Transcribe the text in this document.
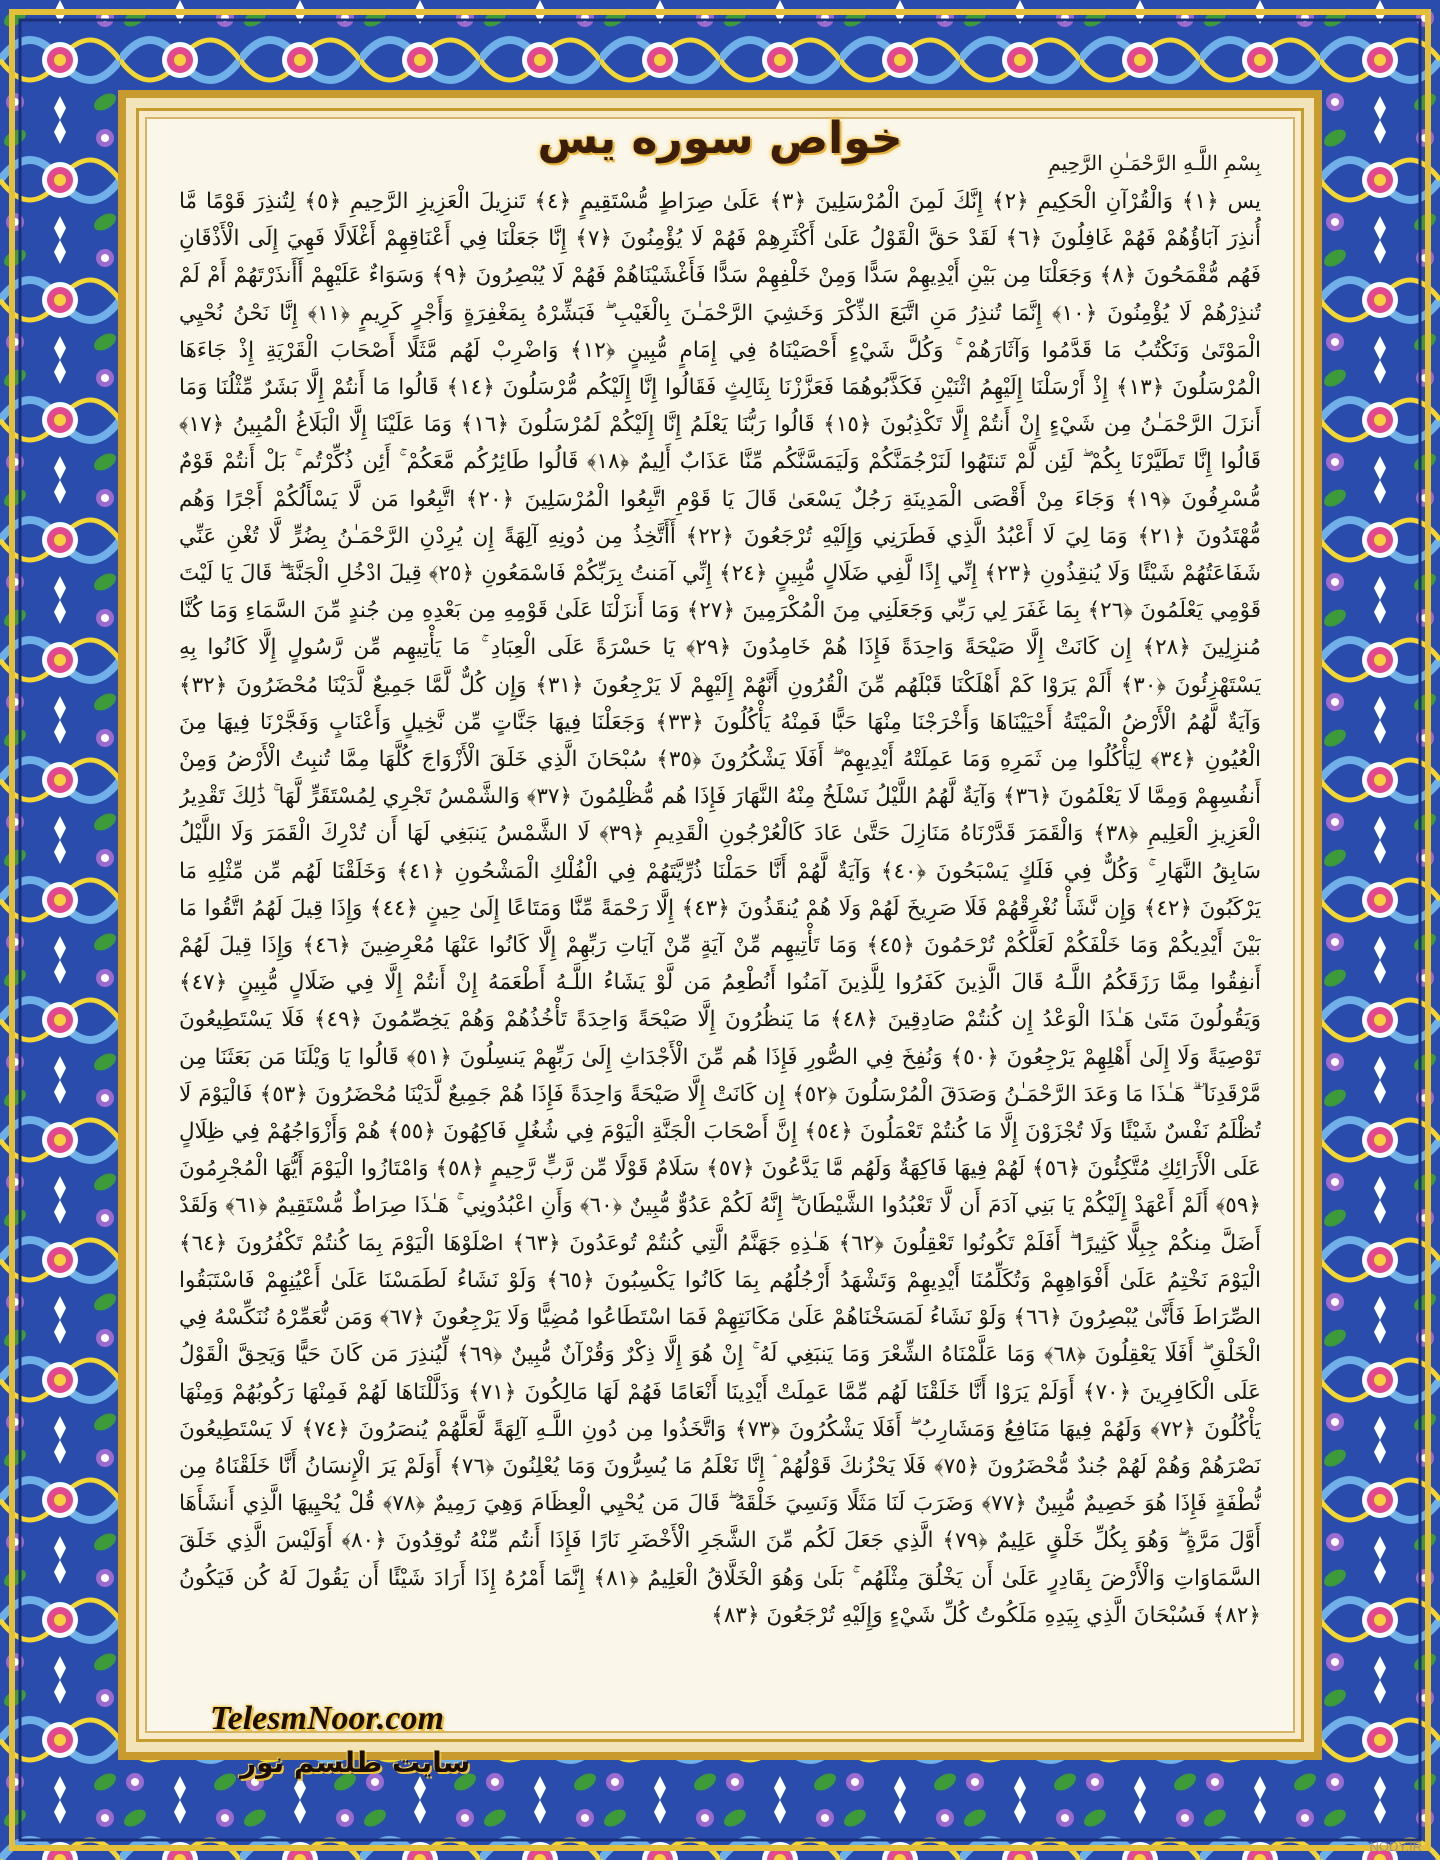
خواص سوره یس	بِسْمِ اللَّـهِ الرَّحْمَـٰنِ الرَّحِيمِ
يس ﴿١﴾ وَالْقُرْآنِ الْحَكِيمِ ﴿٢﴾ إِنَّكَ لَمِنَ الْمُرْسَلِينَ ﴿٣﴾ عَلَىٰ صِرَاطٍ مُّسْتَقِيمٍ ﴿٤﴾ تَنزِيلَ الْعَزِيزِ الرَّحِيمِ ﴿٥﴾ لِتُنذِرَ قَوْمًا مَّا أُنذِرَ آبَاؤُهُمْ فَهُمْ غَافِلُونَ ﴿٦﴾ لَقَدْ حَقَّ الْقَوْلُ عَلَىٰ أَكْثَرِهِمْ فَهُمْ لَا يُؤْمِنُونَ ﴿٧﴾ إِنَّا جَعَلْنَا فِي أَعْنَاقِهِمْ أَغْلَالًا فَهِيَ إِلَى الْأَذْقَانِ فَهُم مُّقْمَحُونَ ﴿٨﴾ وَجَعَلْنَا مِن بَيْنِ أَيْدِيهِمْ سَدًّا وَمِنْ خَلْفِهِمْ سَدًّا فَأَغْشَيْنَاهُمْ فَهُمْ لَا يُبْصِرُونَ ﴿٩﴾ وَسَوَاءٌ عَلَيْهِمْ أَأَنذَرْتَهُمْ أَمْ لَمْ تُنذِرْهُمْ لَا يُؤْمِنُونَ ﴿١٠﴾ إِنَّمَا تُنذِرُ مَنِ اتَّبَعَ الذِّكْرَ وَخَشِيَ الرَّحْمَـٰنَ بِالْغَيْبِ ۖ فَبَشِّرْهُ بِمَغْفِرَةٍ وَأَجْرٍ كَرِيمٍ ﴿١١﴾ إِنَّا نَحْنُ نُحْيِي الْمَوْتَىٰ وَنَكْتُبُ مَا قَدَّمُوا وَآثَارَهُمْ ۚ وَكُلَّ شَيْءٍ أَحْصَيْنَاهُ فِي إِمَامٍ مُّبِينٍ ﴿١٢﴾ وَاضْرِبْ لَهُم مَّثَلًا أَصْحَابَ الْقَرْيَةِ إِذْ جَاءَهَا الْمُرْسَلُونَ ﴿١٣﴾ إِذْ أَرْسَلْنَا إِلَيْهِمُ اثْنَيْنِ فَكَذَّبُوهُمَا فَعَزَّزْنَا بِثَالِثٍ فَقَالُوا إِنَّا إِلَيْكُم مُّرْسَلُونَ ﴿١٤﴾ قَالُوا مَا أَنتُمْ إِلَّا بَشَرٌ مِّثْلُنَا وَمَا أَنزَلَ الرَّحْمَـٰنُ مِن شَيْءٍ إِنْ أَنتُمْ إِلَّا تَكْذِبُونَ ﴿١٥﴾ قَالُوا رَبُّنَا يَعْلَمُ إِنَّا إِلَيْكُمْ لَمُرْسَلُونَ ﴿١٦﴾ وَمَا عَلَيْنَا إِلَّا الْبَلَاغُ الْمُبِينُ ﴿١٧﴾ قَالُوا إِنَّا تَطَيَّرْنَا بِكُمْ ۖ لَئِن لَّمْ تَنتَهُوا لَنَرْجُمَنَّكُمْ وَلَيَمَسَّنَّكُم مِّنَّا عَذَابٌ أَلِيمٌ ﴿١٨﴾ قَالُوا طَائِرُكُم مَّعَكُمْ ۚ أَئِن ذُكِّرْتُم ۚ بَلْ أَنتُمْ قَوْمٌ مُّسْرِفُونَ ﴿١٩﴾ وَجَاءَ مِنْ أَقْصَى الْمَدِينَةِ رَجُلٌ يَسْعَىٰ قَالَ يَا قَوْمِ اتَّبِعُوا الْمُرْسَلِينَ ﴿٢٠﴾ اتَّبِعُوا مَن لَّا يَسْأَلُكُمْ أَجْرًا وَهُم مُّهْتَدُونَ ﴿٢١﴾ وَمَا لِيَ لَا أَعْبُدُ الَّذِي فَطَرَنِي وَإِلَيْهِ تُرْجَعُونَ ﴿٢٢﴾ أَأَتَّخِذُ مِن دُونِهِ آلِهَةً إِن يُرِدْنِ الرَّحْمَـٰنُ بِضُرٍّ لَّا تُغْنِ عَنِّي شَفَاعَتُهُمْ شَيْئًا وَلَا يُنقِذُونِ ﴿٢٣﴾ إِنِّي إِذًا لَّفِي ضَلَالٍ مُّبِينٍ ﴿٢٤﴾ إِنِّي آمَنتُ بِرَبِّكُمْ فَاسْمَعُونِ ﴿٢٥﴾ قِيلَ ادْخُلِ الْجَنَّةَ ۖ قَالَ يَا لَيْتَ قَوْمِي يَعْلَمُونَ ﴿٢٦﴾ بِمَا غَفَرَ لِي رَبِّي وَجَعَلَنِي مِنَ الْمُكْرَمِينَ ﴿٢٧﴾ وَمَا أَنزَلْنَا عَلَىٰ قَوْمِهِ مِن بَعْدِهِ مِن جُندٍ مِّنَ السَّمَاءِ وَمَا كُنَّا مُنزِلِينَ ﴿٢٨﴾ إِن كَانَتْ إِلَّا صَيْحَةً وَاحِدَةً فَإِذَا هُمْ خَامِدُونَ ﴿٢٩﴾ يَا حَسْرَةً عَلَى الْعِبَادِ ۚ مَا يَأْتِيهِم مِّن رَّسُولٍ إِلَّا كَانُوا بِهِ يَسْتَهْزِئُونَ ﴿٣٠﴾ أَلَمْ يَرَوْا كَمْ أَهْلَكْنَا قَبْلَهُم مِّنَ الْقُرُونِ أَنَّهُمْ إِلَيْهِمْ لَا يَرْجِعُونَ ﴿٣١﴾ وَإِن كُلٌّ لَّمَّا جَمِيعٌ لَّدَيْنَا مُحْضَرُونَ ﴿٣٢﴾ وَآيَةٌ لَّهُمُ الْأَرْضُ الْمَيْتَةُ أَحْيَيْنَاهَا وَأَخْرَجْنَا مِنْهَا حَبًّا فَمِنْهُ يَأْكُلُونَ ﴿٣٣﴾ وَجَعَلْنَا فِيهَا جَنَّاتٍ مِّن نَّخِيلٍ وَأَعْنَابٍ وَفَجَّرْنَا فِيهَا مِنَ الْعُيُونِ ﴿٣٤﴾ لِيَأْكُلُوا مِن ثَمَرِهِ وَمَا عَمِلَتْهُ أَيْدِيهِمْ ۖ أَفَلَا يَشْكُرُونَ ﴿٣٥﴾ سُبْحَانَ الَّذِي خَلَقَ الْأَزْوَاجَ كُلَّهَا مِمَّا تُنبِتُ الْأَرْضُ وَمِنْ أَنفُسِهِمْ وَمِمَّا لَا يَعْلَمُونَ ﴿٣٦﴾ وَآيَةٌ لَّهُمُ اللَّيْلُ نَسْلَخُ مِنْهُ النَّهَارَ فَإِذَا هُم مُّظْلِمُونَ ﴿٣٧﴾ وَالشَّمْسُ تَجْرِي لِمُسْتَقَرٍّ لَّهَا ۚ ذَٰلِكَ تَقْدِيرُ الْعَزِيزِ الْعَلِيمِ ﴿٣٨﴾ وَالْقَمَرَ قَدَّرْنَاهُ مَنَازِلَ حَتَّىٰ عَادَ كَالْعُرْجُونِ الْقَدِيمِ ﴿٣٩﴾ لَا الشَّمْسُ يَنبَغِي لَهَا أَن تُدْرِكَ الْقَمَرَ وَلَا اللَّيْلُ سَابِقُ النَّهَارِ ۚ وَكُلٌّ فِي فَلَكٍ يَسْبَحُونَ ﴿٤٠﴾ وَآيَةٌ لَّهُمْ أَنَّا حَمَلْنَا ذُرِّيَّتَهُمْ فِي الْفُلْكِ الْمَشْحُونِ ﴿٤١﴾ وَخَلَقْنَا لَهُم مِّن مِّثْلِهِ مَا يَرْكَبُونَ ﴿٤٢﴾ وَإِن نَّشَأْ نُغْرِقْهُمْ فَلَا صَرِيخَ لَهُمْ وَلَا هُمْ يُنقَذُونَ ﴿٤٣﴾ إِلَّا رَحْمَةً مِّنَّا وَمَتَاعًا إِلَىٰ حِينٍ ﴿٤٤﴾ وَإِذَا قِيلَ لَهُمُ اتَّقُوا مَا بَيْنَ أَيْدِيكُمْ وَمَا خَلْفَكُمْ لَعَلَّكُمْ تُرْحَمُونَ ﴿٤٥﴾ وَمَا تَأْتِيهِم مِّنْ آيَةٍ مِّنْ آيَاتِ رَبِّهِمْ إِلَّا كَانُوا عَنْهَا مُعْرِضِينَ ﴿٤٦﴾ وَإِذَا قِيلَ لَهُمْ أَنفِقُوا مِمَّا رَزَقَكُمُ اللَّـهُ قَالَ الَّذِينَ كَفَرُوا لِلَّذِينَ آمَنُوا أَنُطْعِمُ مَن لَّوْ يَشَاءُ اللَّـهُ أَطْعَمَهُ إِنْ أَنتُمْ إِلَّا فِي ضَلَالٍ مُّبِينٍ ﴿٤٧﴾ وَيَقُولُونَ مَتَىٰ هَـٰذَا الْوَعْدُ إِن كُنتُمْ صَادِقِينَ ﴿٤٨﴾ مَا يَنظُرُونَ إِلَّا صَيْحَةً وَاحِدَةً تَأْخُذُهُمْ وَهُمْ يَخِصِّمُونَ ﴿٤٩﴾ فَلَا يَسْتَطِيعُونَ تَوْصِيَةً وَلَا إِلَىٰ أَهْلِهِمْ يَرْجِعُونَ ﴿٥٠﴾ وَنُفِخَ فِي الصُّورِ فَإِذَا هُم مِّنَ الْأَجْدَاثِ إِلَىٰ رَبِّهِمْ يَنسِلُونَ ﴿٥١﴾ قَالُوا يَا وَيْلَنَا مَن بَعَثَنَا مِن مَّرْقَدِنَا ۜ ۗ هَـٰذَا مَا وَعَدَ الرَّحْمَـٰنُ وَصَدَقَ الْمُرْسَلُونَ ﴿٥٢﴾ إِن كَانَتْ إِلَّا صَيْحَةً وَاحِدَةً فَإِذَا هُمْ جَمِيعٌ لَّدَيْنَا مُحْضَرُونَ ﴿٥٣﴾ فَالْيَوْمَ لَا تُظْلَمُ نَفْسٌ شَيْئًا وَلَا تُجْزَوْنَ إِلَّا مَا كُنتُمْ تَعْمَلُونَ ﴿٥٤﴾ إِنَّ أَصْحَابَ الْجَنَّةِ الْيَوْمَ فِي شُغُلٍ فَاكِهُونَ ﴿٥٥﴾ هُمْ وَأَزْوَاجُهُمْ فِي ظِلَالٍ عَلَى الْأَرَائِكِ مُتَّكِئُونَ ﴿٥٦﴾ لَهُمْ فِيهَا فَاكِهَةٌ وَلَهُم مَّا يَدَّعُونَ ﴿٥٧﴾ سَلَامٌ قَوْلًا مِّن رَّبٍّ رَّحِيمٍ ﴿٥٨﴾ وَامْتَازُوا الْيَوْمَ أَيُّهَا الْمُجْرِمُونَ ﴿٥٩﴾ أَلَمْ أَعْهَدْ إِلَيْكُمْ يَا بَنِي آدَمَ أَن لَّا تَعْبُدُوا الشَّيْطَانَ ۖ إِنَّهُ لَكُمْ عَدُوٌّ مُّبِينٌ ﴿٦٠﴾ وَأَنِ اعْبُدُونِي ۚ هَـٰذَا صِرَاطٌ مُّسْتَقِيمٌ ﴿٦١﴾ وَلَقَدْ أَضَلَّ مِنكُمْ جِبِلًّا كَثِيرًا ۖ أَفَلَمْ تَكُونُوا تَعْقِلُونَ ﴿٦٢﴾ هَـٰذِهِ جَهَنَّمُ الَّتِي كُنتُمْ تُوعَدُونَ ﴿٦٣﴾ اصْلَوْهَا الْيَوْمَ بِمَا كُنتُمْ تَكْفُرُونَ ﴿٦٤﴾ الْيَوْمَ نَخْتِمُ عَلَىٰ أَفْوَاهِهِمْ وَتُكَلِّمُنَا أَيْدِيهِمْ وَتَشْهَدُ أَرْجُلُهُم بِمَا كَانُوا يَكْسِبُونَ ﴿٦٥﴾ وَلَوْ نَشَاءُ لَطَمَسْنَا عَلَىٰ أَعْيُنِهِمْ فَاسْتَبَقُوا الصِّرَاطَ فَأَنَّىٰ يُبْصِرُونَ ﴿٦٦﴾ وَلَوْ نَشَاءُ لَمَسَخْنَاهُمْ عَلَىٰ مَكَانَتِهِمْ فَمَا اسْتَطَاعُوا مُضِيًّا وَلَا يَرْجِعُونَ ﴿٦٧﴾ وَمَن نُّعَمِّرْهُ نُنَكِّسْهُ فِي الْخَلْقِ ۖ أَفَلَا يَعْقِلُونَ ﴿٦٨﴾ وَمَا عَلَّمْنَاهُ الشِّعْرَ وَمَا يَنبَغِي لَهُ ۚ إِنْ هُوَ إِلَّا ذِكْرٌ وَقُرْآنٌ مُّبِينٌ ﴿٦٩﴾ لِّيُنذِرَ مَن كَانَ حَيًّا وَيَحِقَّ الْقَوْلُ عَلَى الْكَافِرِينَ ﴿٧٠﴾ أَوَلَمْ يَرَوْا أَنَّا خَلَقْنَا لَهُم مِّمَّا عَمِلَتْ أَيْدِينَا أَنْعَامًا فَهُمْ لَهَا مَالِكُونَ ﴿٧١﴾ وَذَلَّلْنَاهَا لَهُمْ فَمِنْهَا رَكُوبُهُمْ وَمِنْهَا يَأْكُلُونَ ﴿٧٢﴾ وَلَهُمْ فِيهَا مَنَافِعُ وَمَشَارِبُ ۖ أَفَلَا يَشْكُرُونَ ﴿٧٣﴾ وَاتَّخَذُوا مِن دُونِ اللَّـهِ آلِهَةً لَّعَلَّهُمْ يُنصَرُونَ ﴿٧٤﴾ لَا يَسْتَطِيعُونَ نَصْرَهُمْ وَهُمْ لَهُمْ جُندٌ مُّحْضَرُونَ ﴿٧٥﴾ فَلَا يَحْزُنكَ قَوْلُهُمْ ۘ إِنَّا نَعْلَمُ مَا يُسِرُّونَ وَمَا يُعْلِنُونَ ﴿٧٦﴾ أَوَلَمْ يَرَ الْإِنسَانُ أَنَّا خَلَقْنَاهُ مِن نُّطْفَةٍ فَإِذَا هُوَ خَصِيمٌ مُّبِينٌ ﴿٧٧﴾ وَضَرَبَ لَنَا مَثَلًا وَنَسِيَ خَلْقَهُ ۖ قَالَ مَن يُحْيِي الْعِظَامَ وَهِيَ رَمِيمٌ ﴿٧٨﴾ قُلْ يُحْيِيهَا الَّذِي أَنشَأَهَا أَوَّلَ مَرَّةٍ ۖ وَهُوَ بِكُلِّ خَلْقٍ عَلِيمٌ ﴿٧٩﴾ الَّذِي جَعَلَ لَكُم مِّنَ الشَّجَرِ الْأَخْضَرِ نَارًا فَإِذَا أَنتُم مِّنْهُ تُوقِدُونَ ﴿٨٠﴾ أَوَلَيْسَ الَّذِي خَلَقَ السَّمَاوَاتِ وَالْأَرْضَ بِقَادِرٍ عَلَىٰ أَن يَخْلُقَ مِثْلَهُم ۚ بَلَىٰ وَهُوَ الْخَلَّاقُ الْعَلِيمُ ﴿٨١﴾ إِنَّمَا أَمْرُهُ إِذَا أَرَادَ شَيْئًا أَن يَقُولَ لَهُ كُن فَيَكُونُ ﴿٨٢﴾ فَسُبْحَانَ الَّذِي بِيَدِهِ مَلَكُوتُ كُلِّ شَيْءٍ وَإِلَيْهِ تُرْجَعُونَ ﴿٨٣﴾
TelesmNoor.com
سایت طلسم نور
NODY.IR
